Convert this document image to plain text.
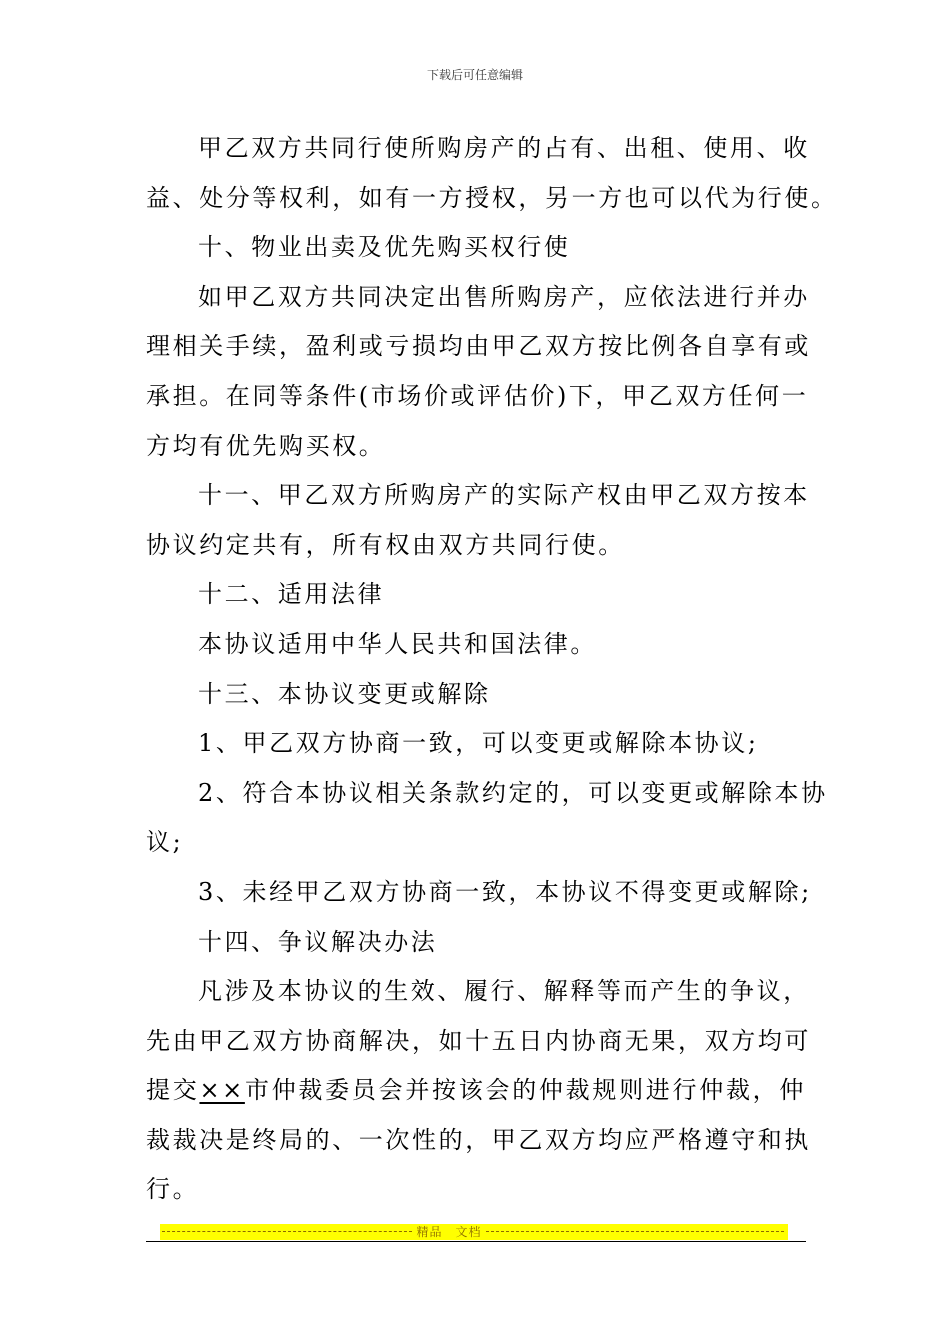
下载后可任意编辑
甲乙双方共同行使所购房产的占有、出租、使用、收
益、处分等权利，如有一方授权，另一方也可以代为行使。
十、物业出卖及优先购买权行使
如甲乙双方共同决定出售所购房产，应依法进行并办
理相关手续，盈利或亏损均由甲乙双方按比例各自享有或
承担。在同等条件(市场价或评估价)下，甲乙双方任何一
方均有优先购买权。
十一、甲乙双方所购房产的实际产权由甲乙双方按本
协议约定共有，所有权由双方共同行使。
十二、适用法律
本协议适用中华人民共和国法律。
十三、本协议变更或解除
1、甲乙双方协商一致，可以变更或解除本协议;
2、符合本协议相关条款约定的，可以变更或解除本协
议;
3、未经甲乙双方协商一致，本协议不得变更或解除;
十四、争议解决办法
凡涉及本协议的生效、履行、解释等而产生的争议，
先由甲乙双方协商解决，如十五日内协商无果，双方均可
提交××市仲裁委员会并按该会的仲裁规则进行仲裁，仲
裁裁决是终局的、一次性的，甲乙双方均应严格遵守和执
行。
精品　文档
